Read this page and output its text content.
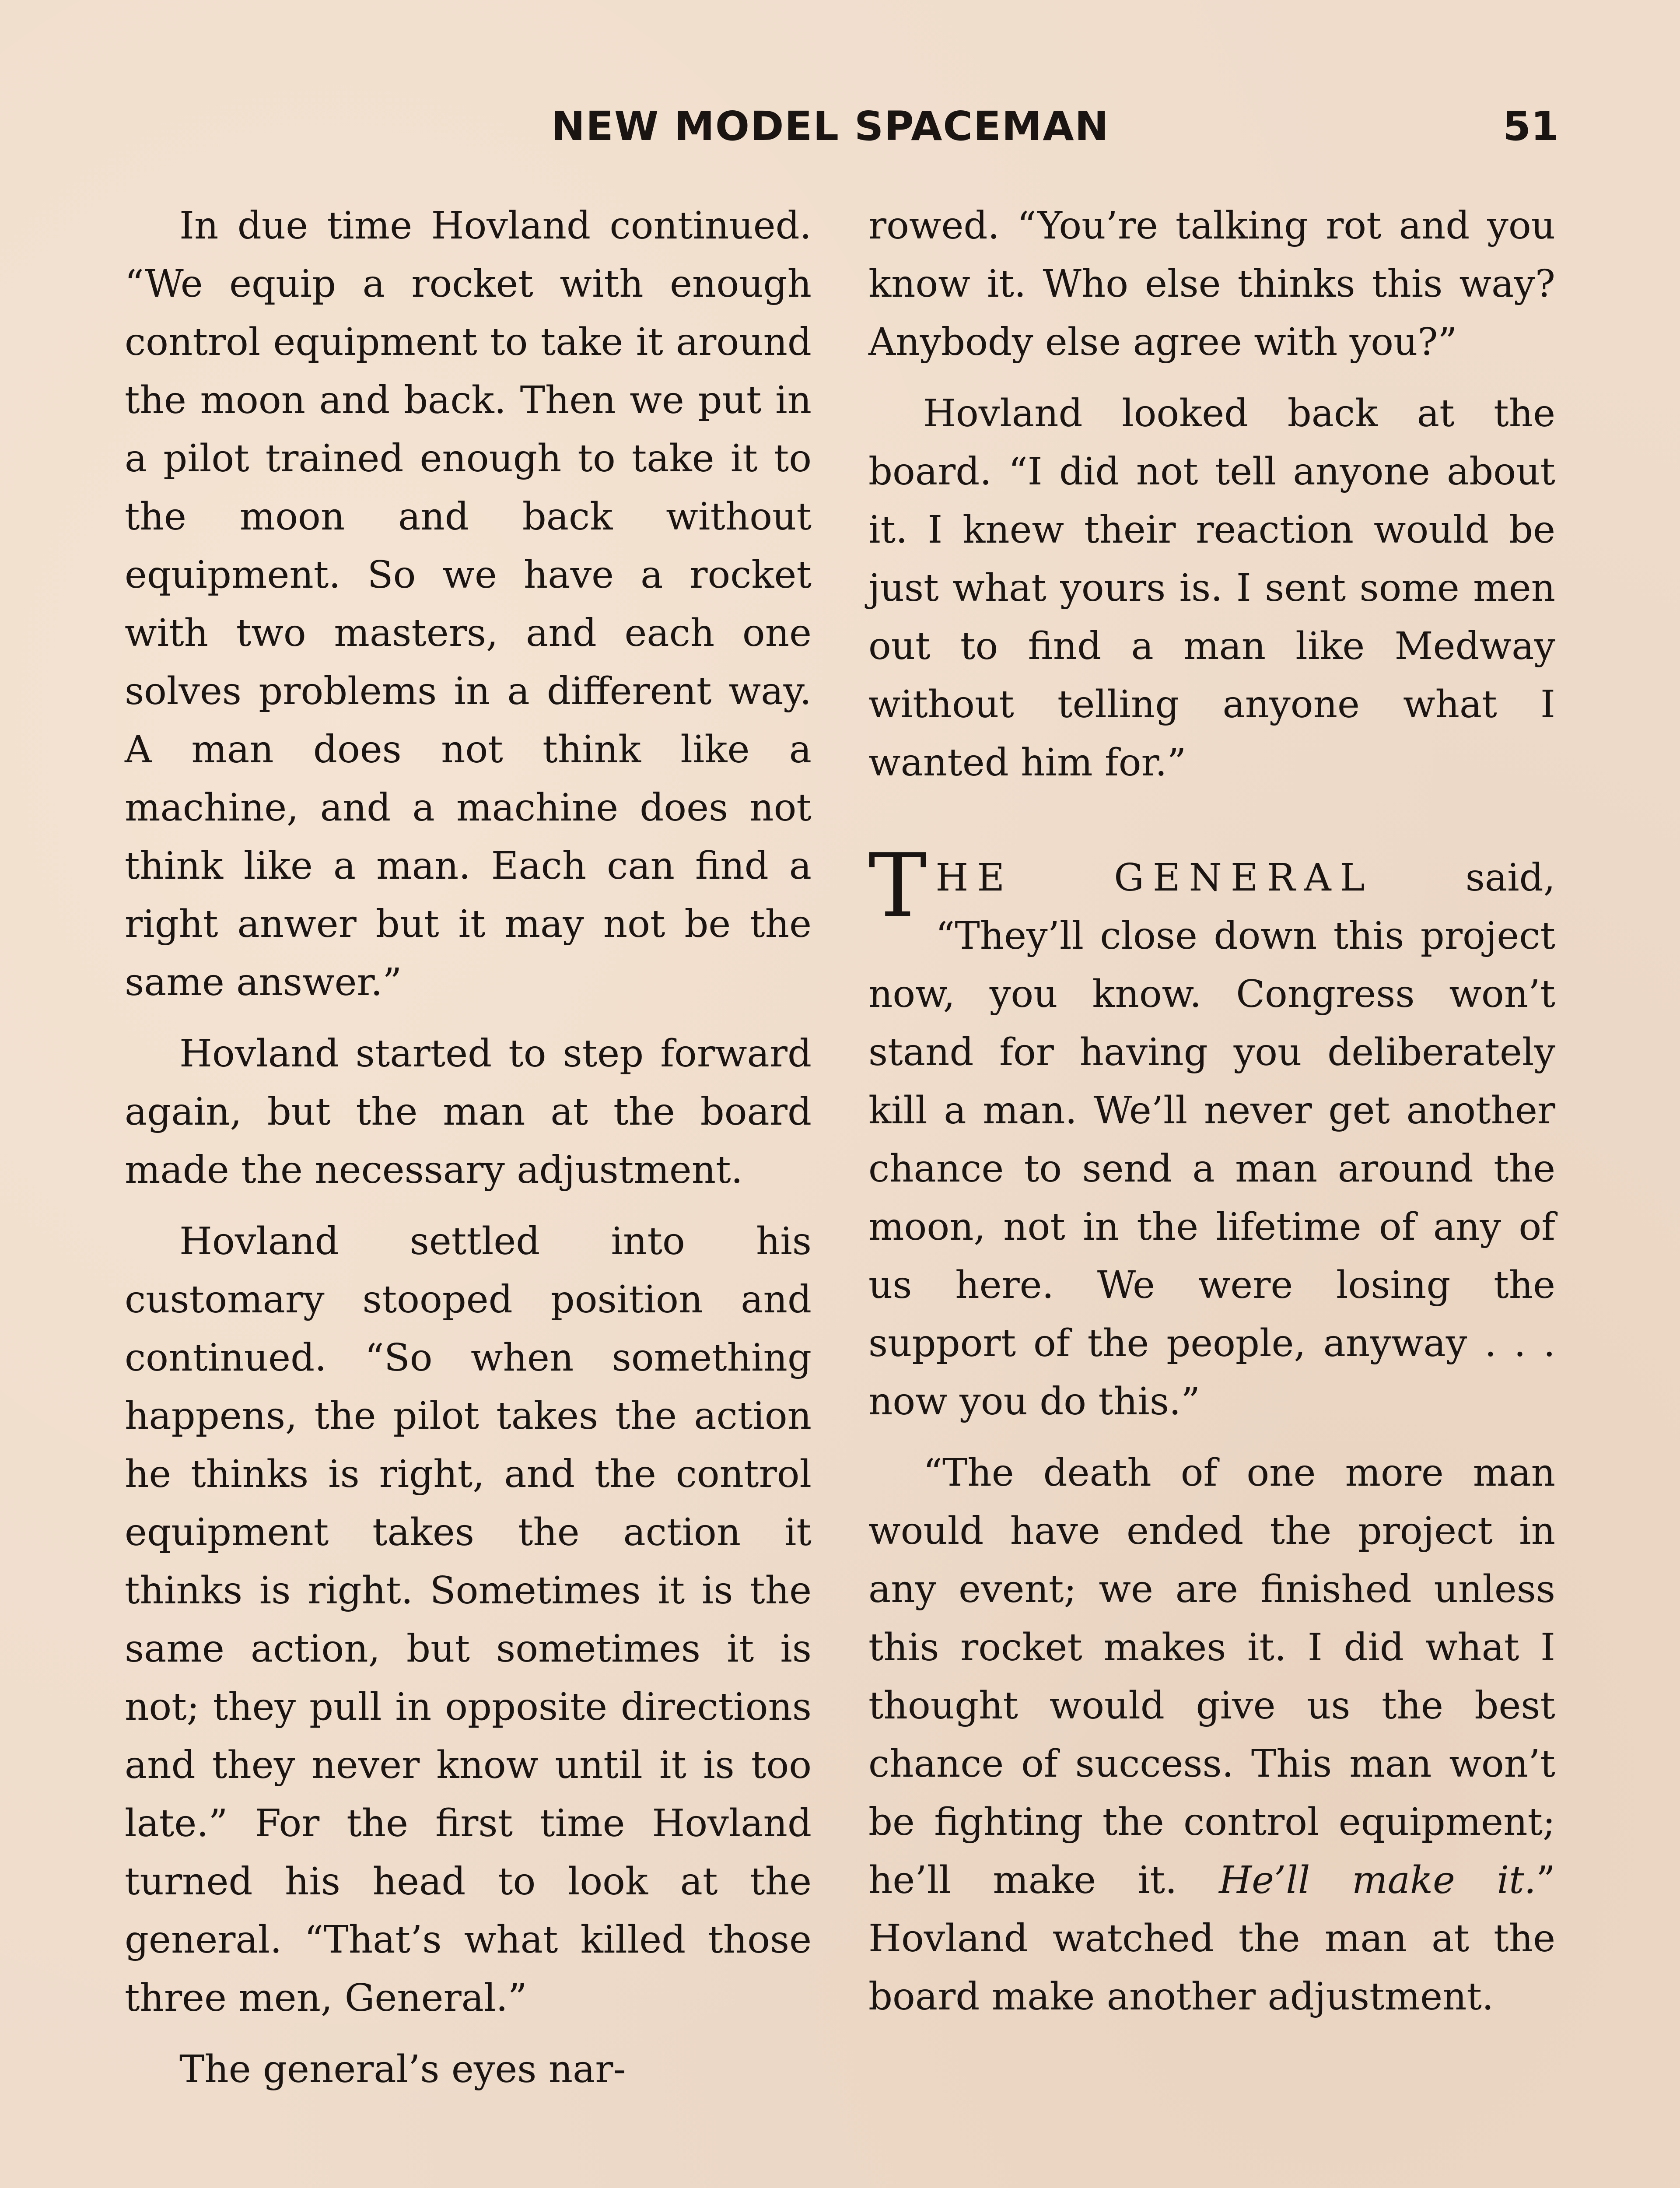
NEW MODEL SPACEMAN	51

In due time Hovland continued. “We equip a rocket with enough control equipment to take it around the moon and back. Then we put in a pilot trained enough to take it to the moon and back without equipment. So we have a rocket with two masters, and each one solves problems in a different way. A man does not think like a machine, and a machine does not think like a man. Each can find a right anwer but it may not be the same answer.”

Hovland started to step forward again, but the man at the board made the necessary adjustment.

Hovland settled into his customary stooped position and continued. “So when something happens, the pilot takes the action he thinks is right, and the control equipment takes the action it thinks is right. Sometimes it is the same action, but sometimes it is not; they pull in opposite directions and they never know until it is too late.” For the first time Hovland turned his head to look at the general. “That’s what killed those three men, General.”

The general’s eyes nar-

rowed. “You’re talking rot and you know it. Who else thinks this way? Anybody else agree with you?”

Hovland looked back at the board. “I did not tell anyone about it. I knew their reaction would be just what yours is. I sent some men out to find a man like Medway without telling anyone what I wanted him for.”

THE GENERAL said, “They’ll close down this project now, you know. Congress won’t stand for having you deliberately kill a man. We’ll never get another chance to send a man around the moon, not in the lifetime of any of us here. We were losing the support of the people, anyway . . . now you do this.”

“The death of one more man would have ended the project in any event; we are finished unless this rocket makes it. I did what I thought would give us the best chance of success. This man won’t be fighting the control equipment; he’ll make it. He’ll make it.” Hovland watched the man at the board make another adjustment.
